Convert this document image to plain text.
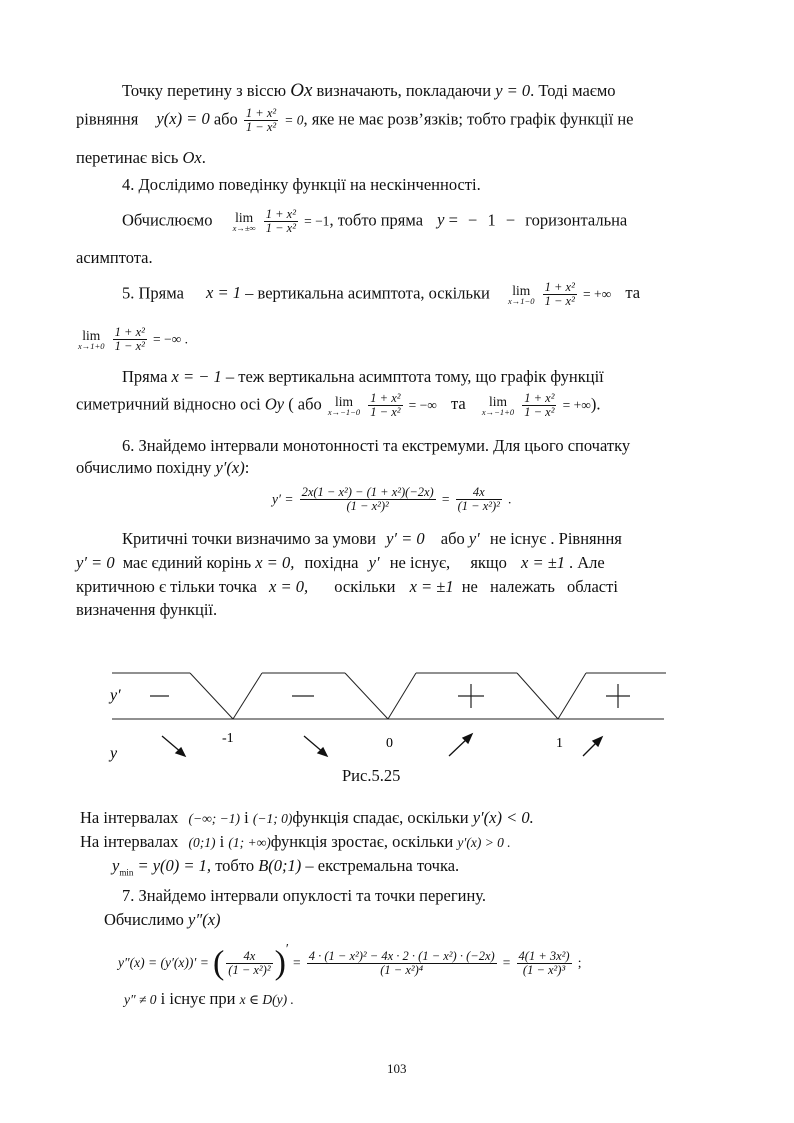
Точку перетину з віссю Ox визначають, покладаючи y = 0. Тоді маємо
рівняння y(x) = 0 або $\frac{\text{1 + x²}}{\text{1 − x²}} = 0$, яке не має розв’язків; тобто графік функції не
перетинає вісь Ox.
4. Дослідимо поведінку функції на нескінченності.
Обчислюємо lim
x→±∞
$\frac{\text{1 + x²}}{\text{1 − x²}} = -1$, тобто пряма y = − 1 − горизонтальна
асимптота.
5. Пряма x = 1 – вертикальна асимптота, оскільки	lim
x→1−0
$\frac{\text{1 + x²}}{\text{1 − x²}}$ = +∞ та
lim
x→1+0
$\frac{\text{1 + x²}}{\text{1 − x²}}$ = −∞ .
Пряма x = − 1 – теж вертикальна асимптота тому, що графік функції
симетричний відносно осі Oy ( або lim
x→−1−0
$\frac{\text{1 + x²}}{\text{1 − x²}}$ = −∞ та	lim
x→−1+0
$\frac{\text{1 + x²}}{\text{1 − x²}}$ = +∞).
6. Знайдемо інтервали монотонності та екстремуми. Для цього спочатку
обчислимо похідну y′(x):
$y' = \frac{\text{2x(1 − x²) − (1 + x²)(−2x)}}{\text{(1 − x²)²}} = \frac{4x}{\text{(1 − x²)²}}$ .
Критичні точки визначимо за умови y′ = 0 або y′ не існує . Рівняння
y′ = 0 має єдиний корінь x = 0, похідна y′ не існує, якщо x = ±1 . Але
критичною є тільки точка x = 0, оскільки x = ±1 не належать області
визначення функції.
y′
y
-1	0	1
Рис.5.25
На інтервалах (−∞; −1) і (−1; 0)функція спадає, оскільки y′(x) < 0.
На інтервалах (0;1) і (1; +∞)функція зростає, оскільки y′(x) > 0 .
$y_{min} = y(0) = 1$, тобто B(0;1) – екстремальна точка.
7. Знайдемо інтервали опуклості та точки перегину.
Обчислимо y″(x)
y″(x) = (y′(x))′ = ( $\frac{4x}{\text{(1 − x²)²}} )' = \frac{\text{4 · (1 − x²)² − 4x · 2 · (1 − x²) · (−2x)}}{\text{(1 − x²)⁴}} = \frac{\text{4(1 + 3x²)}}{\text{(1 − x²)³}}$ ;
y″ ≠ 0 і існує при x ∈ D(y) .
103
